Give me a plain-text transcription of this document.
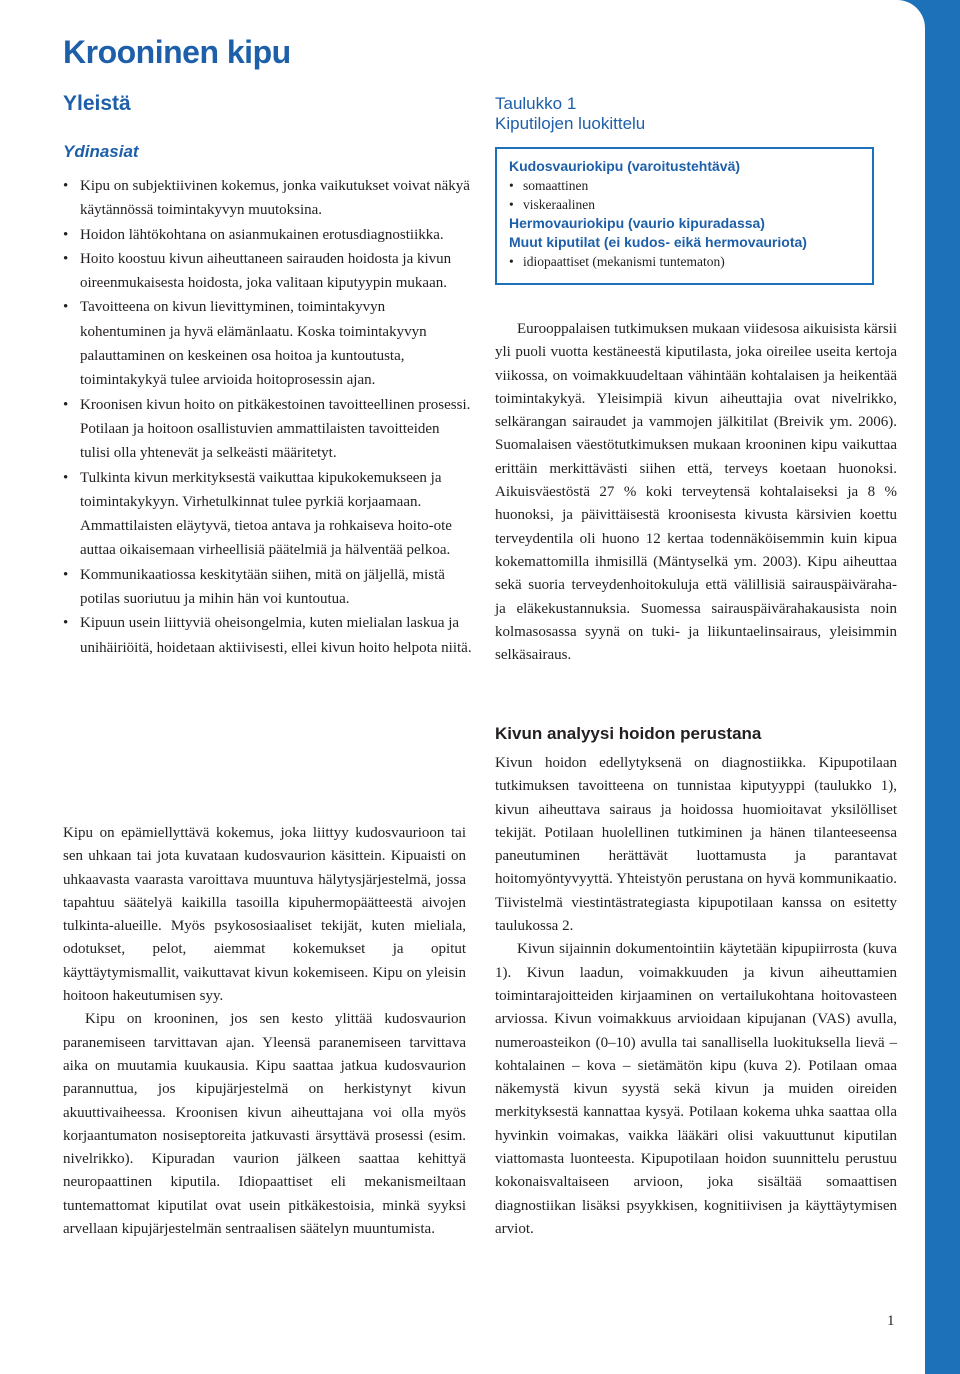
Krooninen kipu
Yleistä
Ydinasiat
• Kipu on subjektiivinen kokemus, jonka vaikutukset voivat näkyä käytännössä toimintakyvyn muutoksina.
• Hoidon lähtökohtana on asianmukainen erotusdiagnostiikka.
• Hoito koostuu kivun aiheuttaneen sairauden hoidosta ja kivun oireenmukaisesta hoidosta, joka valitaan kiputyypin mukaan.
• Tavoitteena on kivun lievittyminen, toimintakyvyn kohentuminen ja hyvä elämänlaatu. Koska toimintakyvyn palauttaminen on keskeinen osa hoitoa ja kuntoutusta, toimintakykyä tulee arvioida hoitoprosessin ajan.
• Kroonisen kivun hoito on pitkäkestoinen tavoitteellinen prosessi. Potilaan ja hoitoon osallistuvien ammattilaisten tavoitteiden tulisi olla yhtenevät ja selkeästi määritetyt.
• Tulkinta kivun merkityksestä vaikuttaa kipukokemukseen ja toimintakykyyn. Virhetulkinnat tulee pyrkiä korjaamaan. Ammattilaisten eläytyvä, tietoa antava ja rohkaiseva hoito-ote auttaa oikaisemaan virheellisiä päätelmiä ja hälventää pelkoa.
• Kommunikaatiossa keskitytään siihen, mitä on jäljellä, mistä potilas suoriutuu ja mihin hän voi kuntoutua.
• Kipuun usein liittyviä oheisongelmia, kuten mielialan laskua ja unihäiriöitä, hoidetaan aktiivisesti, ellei kivun hoito helpota niitä.

Kipu on epämiellyttävä kokemus, joka liittyy kudosvaurioon tai sen uhkaan tai jota kuvataan kudosvaurion käsittein. Kipuaisti on uhkaavasta vaarasta varoittava muuntuva hälytysjärjestelmä, jossa tapahtuu säätelyä kaikilla tasoilla kipuhermopäätteestä aivojen tulkinta-alueille. Myös psykososiaaliset tekijät, kuten mieliala, odotukset, pelot, aiemmat kokemukset ja opitut käyttäytymismallit, vaikuttavat kivun kokemiseen. Kipu on yleisin hoitoon hakeutumisen syy.

Kipu on krooninen, jos sen kesto ylittää kudosvaurion paranemiseen tarvittavan ajan. Yleensä paranemiseen tarvittava aika on muutamia kuukausia. Kipu saattaa jatkua kudosvaurion parannuttua, jos kipujärjestelmä on herkistynyt kivun akuuttivaiheessa. Kroonisen kivun aiheuttajana voi olla myös korjaantumaton nosiseptoreita jatkuvasti ärsyttävä prosessi (esim. nivelrikko). Kipuradan vaurion jälkeen saattaa kehittyä neuropaattinen kiputila. Idiopaattiset eli mekanismeiltaan tuntemattomat kiputilat ovat usein pitkäkestoisia, minkä syyksi arvellaan kipujärjestelmän sentraalisen säätelyn muuntumista.

Taulukko 1
Kiputilojen luokittelu

Kudosvauriokipu (varoitustehtävä)

• somaattinen

• viskeraalinen

Hermovauriokipu (vaurio kipuradassa)

Muut kiputilat (ei kudos- eikä hermovauriota)

• idiopaattiset (mekanismi tuntematon)

Eurooppalaisen tutkimuksen mukaan viidesosa aikuisista kärsii yli puoli vuotta kestäneestä kiputilasta, joka oireilee useita kertoja viikossa, on voimakkuudeltaan vähintään kohtalaisen ja heikentää toimintakykyä. Yleisimpiä kivun aiheuttajia ovat nivelrikko, selkärangan sairaudet ja vammojen jälkitilat (Breivik ym. 2006). Suomalaisen väestötutkimuksen mukaan krooninen kipu vaikuttaa erittäin merkittävästi siihen että, terveys koetaan huonoksi. Aikuisväestöstä 27 % koki terveytensä kohtalaiseksi ja 8 % huonoksi, ja päivittäisestä kroonisesta kivusta kärsivien koettu terveydentila oli huono 12 kertaa todennäköisemmin kuin kipua kokemattomilla ihmisillä (Mäntyselkä ym. 2003). Kipu aiheuttaa sekä suoria terveydenhoitokuluja että välillisiä sairauspäiväraha- ja eläkekustannuksia. Suomessa sairauspäivärahakausista noin kolmasosassa syynä on tuki- ja liikuntaelinsairaus, yleisimmin selkäsairaus.

Kivun analyysi hoidon perustana

Kivun hoidon edellytyksenä on diagnostiikka. Kipupotilaan tutkimuksen tavoitteena on tunnistaa kiputyyppi (taulukko 1), kivun aiheuttava sairaus ja hoidossa huomioitavat yksilölliset tekijät. Potilaan huolellinen tutkiminen ja hänen tilanteeseensa paneutuminen herättävät luottamusta ja parantavat hoitomyöntyvyyttä. Yhteistyön perustana on hyvä kommunikaatio. Tiivistelmä viestintästrategiasta kipupotilaan kanssa on esitetty taulukossa 2.

Kivun sijainnin dokumentointiin käytetään kipupiirrosta (kuva 1). Kivun laadun, voimakkuuden ja kivun aiheuttamien toimintarajoitteiden kirjaaminen on vertailukohtana hoitovasteen arviossa. Kivun voimakkuus arvioidaan kipujanan (VAS) avulla, numeroasteikon (0–10) avulla tai sanallisella luokituksella lievä – kohtalainen – kova – sietämätön kipu (kuva 2). Potilaan omaa näkemystä kivun syystä sekä kivun ja muiden oireiden merkityksestä kannattaa kysyä. Potilaan kokema uhka saattaa olla hyvinkin voimakas, vaikka lääkäri olisi vakuuttunut kiputilan viattomasta luonteesta. Kipupotilaan hoidon suunnittelu perustuu kokonaisvaltaiseen arvioon, joka sisältää somaattisen diagnostiikan lisäksi psyykkisen, kognitiivisen ja käyttäytymisen arviot.

1
